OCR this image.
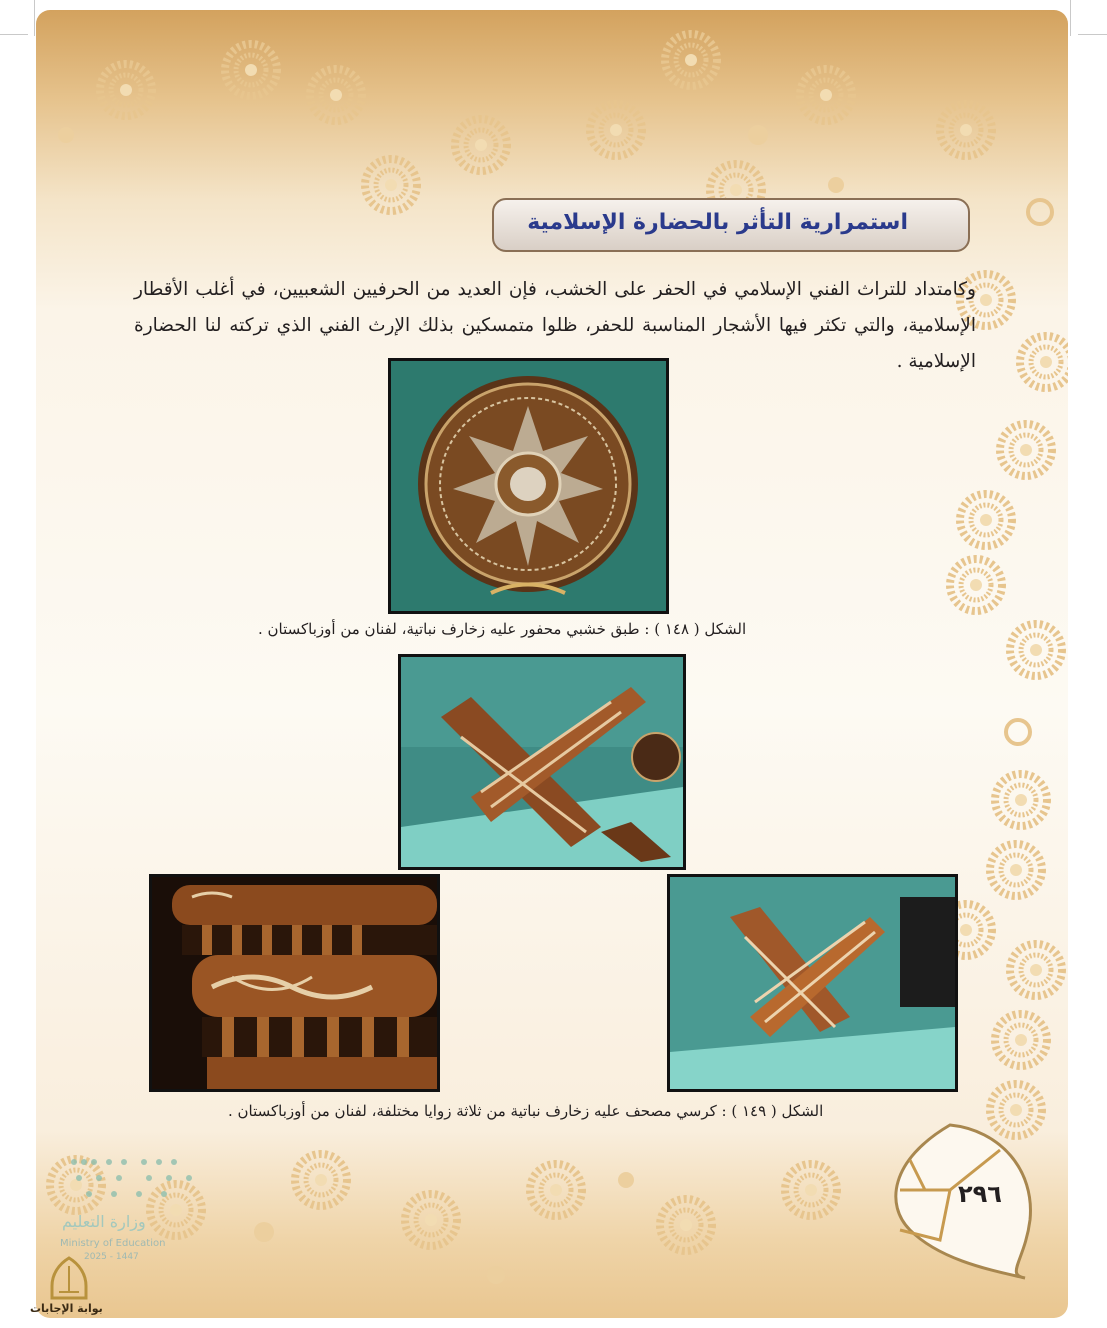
استمرارية التأثر بالحضارة الإسلامية
وكامتداد للتراث الفني الإسلامي في الحفر على الخشب، فإن العديد من الحرفيين الشعبيين، في أغلب الأقطار الإسلامية، والتي تكثر فيها الأشجار المناسبة للحفر، ظلوا متمسكين بذلك الإرث الفني الذي تركته لنا الحضارة الإسلامية .
الشكل ( ١٤٨ ) : طبق خشبي محفور عليه زخارف نباتية، لفنان من أوزباكستان .
الشكل ( ١٤٩ ) : كرسي مصحف عليه زخارف نباتية من ثلاثة زوايا مختلفة، لفنان من أوزباكستان .
٢٩٦
وزارة التعليم
Ministry of Education
2025 - 1447
بوابة الإجابات
